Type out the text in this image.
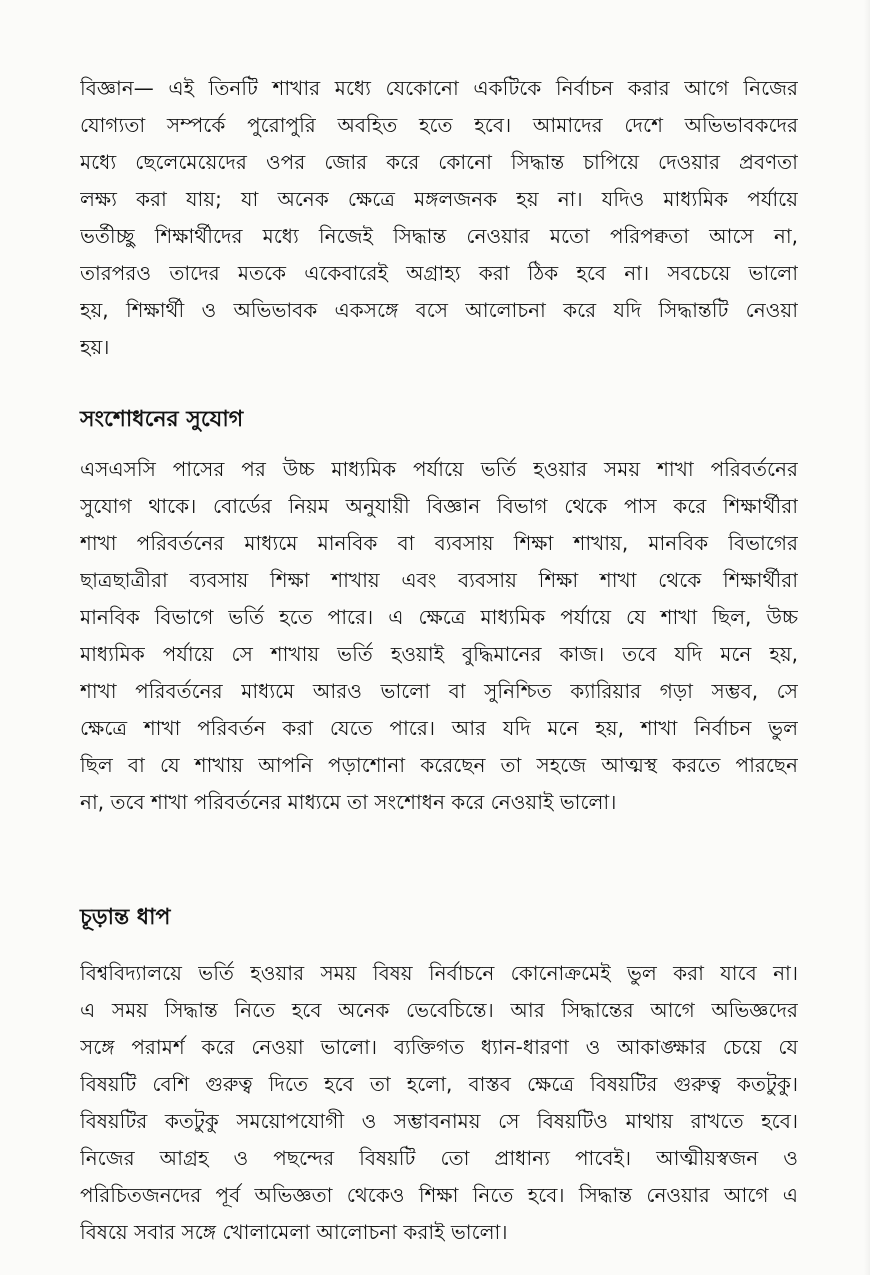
বিজ্ঞান— এই তিনটি শাখার মধ্যে যেকোনো একটিকে নির্বাচন করার আগে নিজের
যোগ্যতা সম্পর্কে পুরোপুরি অবহিত হতে হবে। আমাদের দেশে অভিভাবকদের
মধ্যে ছেলেমেয়েদের ওপর জোর করে কোনো সিদ্ধান্ত চাপিয়ে দেওয়ার প্রবণতা
লক্ষ্য করা যায়; যা অনেক ক্ষেত্রে মঙ্গলজনক হয় না। যদিও মাধ্যমিক পর্যায়ে
ভর্তীচ্ছু শিক্ষার্থীদের মধ্যে নিজেই সিদ্ধান্ত নেওয়ার মতো পরিপক্বতা আসে না,
তারপরও তাদের মতকে একেবারেই অগ্রাহ্য করা ঠিক হবে না। সবচেয়ে ভালো
হয়, শিক্ষার্থী ও অভিভাবক একসঙ্গে বসে আলোচনা করে যদি সিদ্ধান্তটি নেওয়া
হয়।
সংশোধনের সুযোগ
এসএসসি পাসের পর উচ্চ মাধ্যমিক পর্যায়ে ভর্তি হওয়ার সময় শাখা পরিবর্তনের
সুযোগ থাকে। বোর্ডের নিয়ম অনুযায়ী বিজ্ঞান বিভাগ থেকে পাস করে শিক্ষার্থীরা
শাখা পরিবর্তনের মাধ্যমে মানবিক বা ব্যবসায় শিক্ষা শাখায়, মানবিক বিভাগের
ছাত্রছাত্রীরা ব্যবসায় শিক্ষা শাখায় এবং ব্যবসায় শিক্ষা শাখা থেকে শিক্ষার্থীরা
মানবিক বিভাগে ভর্তি হতে পারে। এ ক্ষেত্রে মাধ্যমিক পর্যায়ে যে শাখা ছিল, উচ্চ
মাধ্যমিক পর্যায়ে সে শাখায় ভর্তি হওয়াই বুদ্ধিমানের কাজ। তবে যদি মনে হয়,
শাখা পরিবর্তনের মাধ্যমে আরও ভালো বা সুনিশ্চিত ক্যারিয়ার গড়া সম্ভব, সে
ক্ষেত্রে শাখা পরিবর্তন করা যেতে পারে। আর যদি মনে হয়, শাখা নির্বাচন ভুল
ছিল বা যে শাখায় আপনি পড়াশোনা করেছেন তা সহজে আত্মস্থ করতে পারছেন
না, তবে শাখা পরিবর্তনের মাধ্যমে তা সংশোধন করে নেওয়াই ভালো।
চূড়ান্ত ধাপ
বিশ্ববিদ্যালয়ে ভর্তি হওয়ার সময় বিষয় নির্বাচনে কোনোক্রমেই ভুল করা যাবে না।
এ সময় সিদ্ধান্ত নিতে হবে অনেক ভেবেচিন্তে। আর সিদ্ধান্তের আগে অভিজ্ঞদের
সঙ্গে পরামর্শ করে নেওয়া ভালো। ব্যক্তিগত ধ্যান-ধারণা ও আকাঙ্ক্ষার চেয়ে যে
বিষয়টি বেশি গুরুত্ব দিতে হবে তা হলো, বাস্তব ক্ষেত্রে বিষয়টির গুরুত্ব কতটুকু।
বিষয়টির কতটুকু সময়োপযোগী ও সম্ভাবনাময় সে বিষয়টিও মাথায় রাখতে হবে।
নিজের আগ্রহ ও পছন্দের বিষয়টি তো প্রাধান্য পাবেই। আত্মীয়স্বজন ও
পরিচিতজনদের পূর্ব অভিজ্ঞতা থেকেও শিক্ষা নিতে হবে। সিদ্ধান্ত নেওয়ার আগে এ
বিষয়ে সবার সঙ্গে খোলামেলা আলোচনা করাই ভালো।
